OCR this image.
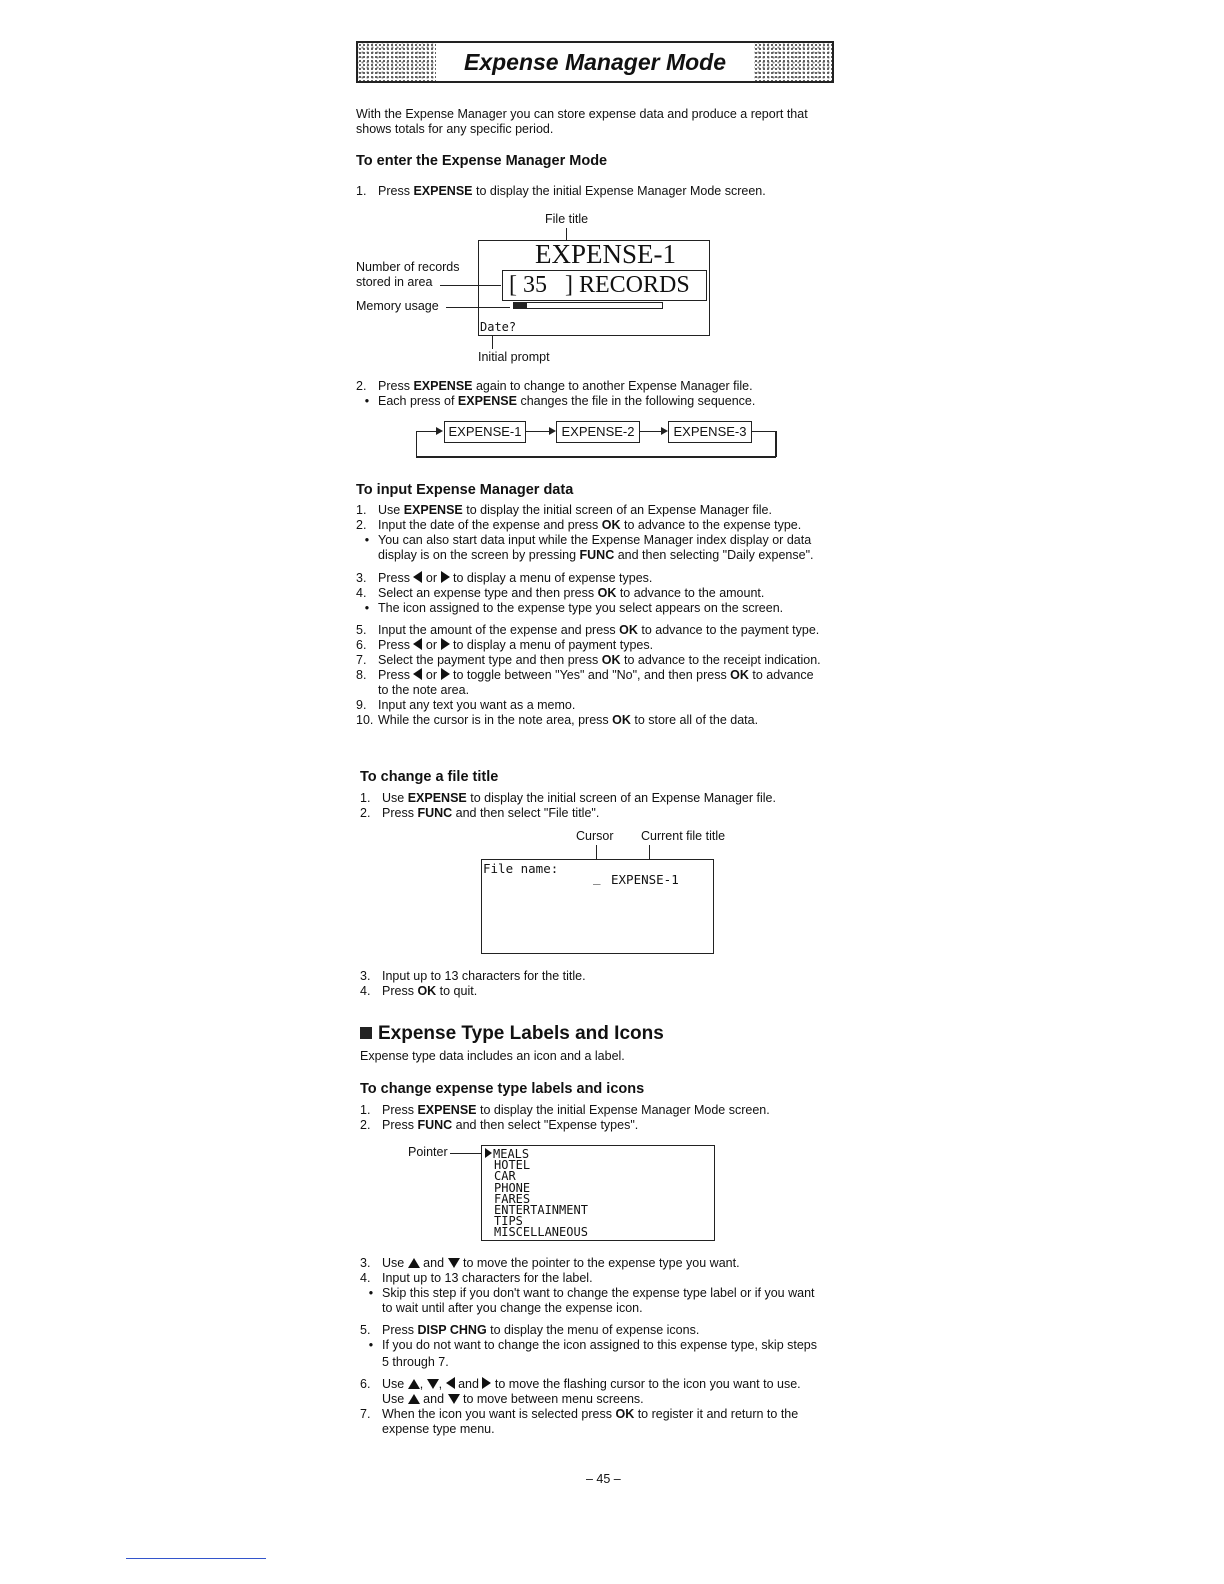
Expense Manager Mode
With the Expense Manager you can store expense data and produce a report that
shows totals for any specific period.
To enter the Expense Manager Mode
1. Press EXPENSE to display the initial Expense Manager Mode screen.
File title
EXPENSE-1
[ 35   ] RECORDS
Date?
Number of records
stored in area
Memory usage
Initial prompt
2. Press EXPENSE again to change to another Expense Manager file.
• Each press of EXPENSE changes the file in the following sequence.
EXPENSE-1	EXPENSE-2	EXPENSE-3
To input Expense Manager data
1. Use EXPENSE to display the initial screen of an Expense Manager file.
2. Input the date of the expense and press OK to advance to the expense type.
• You can also start data input while the Expense Manager index display or data
display is on the screen by pressing FUNC and then selecting "Daily expense".
3. Press  or  to display a menu of expense types.
4. Select an expense type and then press OK to advance to the amount.
• The icon assigned to the expense type you select appears on the screen.
5. Input the amount of the expense and press OK to advance to the payment type.
6. Press  or  to display a menu of payment types.
7. Select the payment type and then press OK to advance to the receipt indication.
8. Press  or  to toggle between "Yes" and "No", and then press OK to advance
to the note area.
9. Input any text you want as a memo.
10. While the cursor is in the note area, press OK to store all of the data.
To change a file title
1. Use EXPENSE to display the initial screen of an Expense Manager file.
2. Press FUNC and then select "File title".
Cursor Current file title
File name:
_ EXPENSE-1
3. Input up to 13 characters for the title.
4. Press OK to quit.
Expense Type Labels and Icons
Expense type data includes an icon and a label.
To change expense type labels and icons
1. Press EXPENSE to display the initial Expense Manager Mode screen.
2. Press FUNC and then select "Expense types".
Pointer	MEALS
HOTEL
CAR
PHONE
FARES
ENTERTAINMENT
TIPS
MISCELLANEOUS
3. Use  and  to move the pointer to the expense type you want.
4. Input up to 13 characters for the label.
• Skip this step if you don't want to change the expense type label or if you want
to wait until after you change the expense icon.
5. Press DISP CHNG to display the menu of expense icons.
• If you do not want to change the icon assigned to this expense type, skip steps
5 through 7.
6. Use , ,  and  to move the flashing cursor to the icon you want to use.
Use  and  to move between menu screens.
7. When the icon you want is selected press OK to register it and return to the
expense type menu.
– 45 –
